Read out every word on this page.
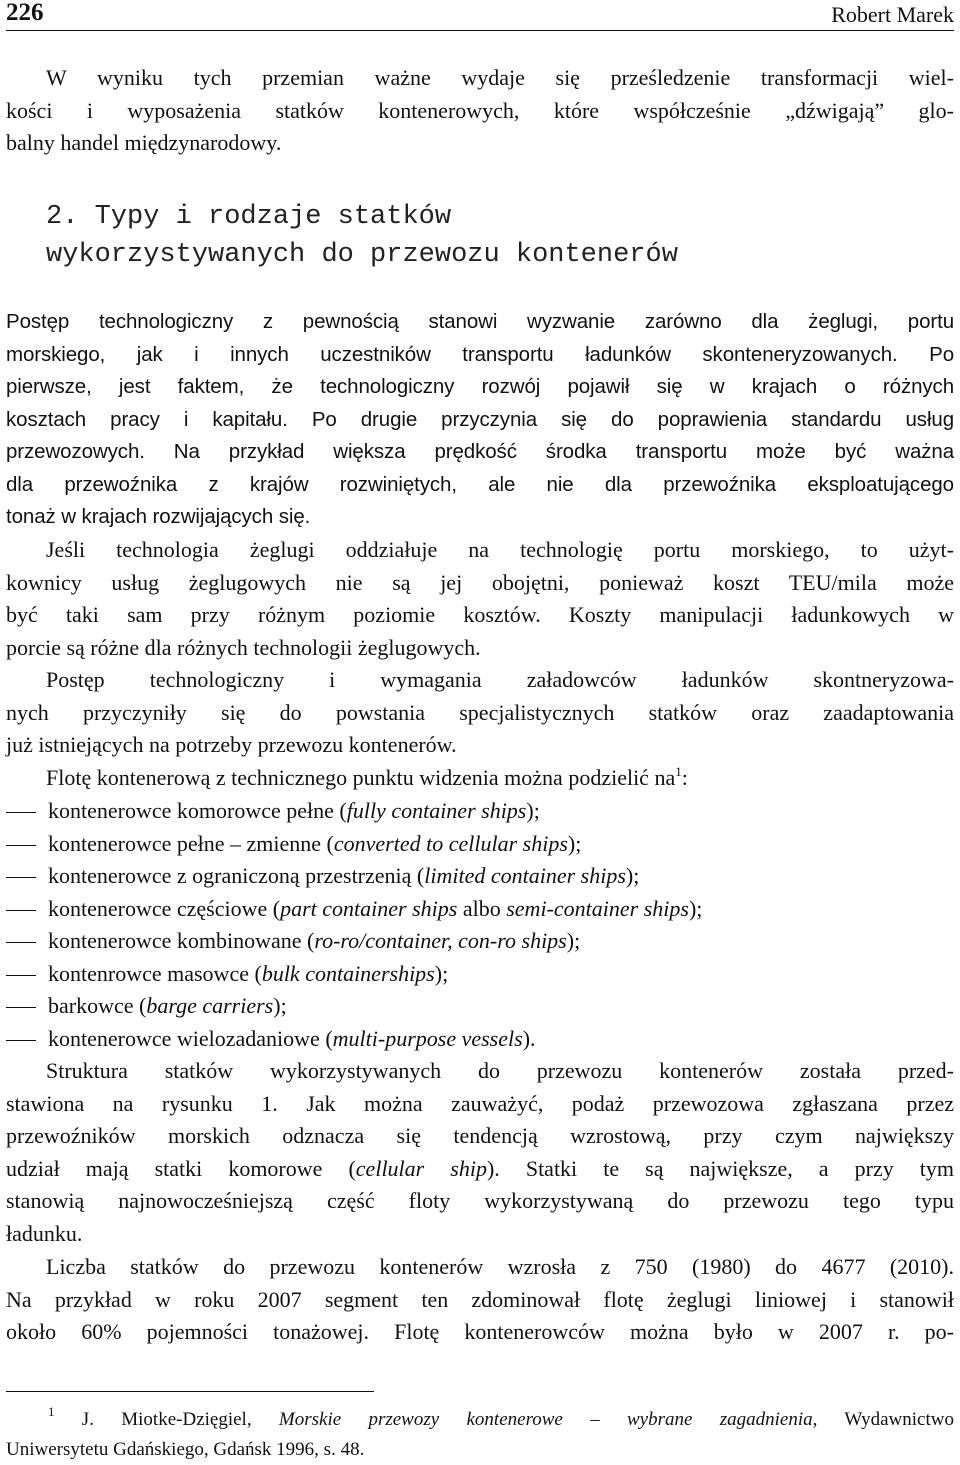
226	Robert Marek
W wyniku tych przemian ważne wydaje się prześledzenie transformacji wiel-
kości i wyposażenia statków kontenerowych, które współcześnie „dźwigają” glo-
balny handel międzynarodowy.
2. Typy i rodzaje statków
wykorzystywanych do przewozu kontenerów
Postęp technologiczny z pewnością stanowi wyzwanie zarówno dla żeglugi, portu
morskiego, jak i innych uczestników transportu ładunków skonteneryzowanych. Po
pierwsze, jest faktem, że technologiczny rozwój pojawił się w krajach o różnych
kosztach pracy i kapitału. Po drugie przyczynia się do poprawienia standardu usług
przewozowych. Na przykład większa prędkość środka transportu może być ważna
dla przewoźnika z krajów rozwiniętych, ale nie dla przewoźnika eksploatującego
tonaż w krajach rozwijających się.
Jeśli technologia żeglugi oddziałuje na technologię portu morskiego, to użyt-
kownicy usług żeglugowych nie są jej obojętni, ponieważ koszt TEU/mila może
być taki sam przy różnym poziomie kosztów. Koszty manipulacji ładunkowych w
porcie są różne dla różnych technologii żeglugowych.
Postęp technologiczny i wymagania załadowców ładunków skontneryzowa-
nych przyczyniły się do powstania specjalistycznych statków oraz zaadaptowania
już istniejących na potrzeby przewozu kontenerów.
Flotę kontenerową z technicznego punktu widzenia można podzielić $na^1$:
kontenerowce komorowce pełne (fully container ships);
kontenerowce pełne – zmienne (converted to cellular ships);
kontenerowce z ograniczoną przestrzenią (limited container ships);
kontenerowce częściowe (part container ships albo semi-container ships);
kontenerowce kombinowane (ro-ro/container, con-ro ships);
kontenrowce masowce (bulk containerships);
barkowce (barge carriers);
kontenerowce wielozadaniowe (multi-purpose vessels).
Struktura statków wykorzystywanych do przewozu kontenerów została przed-
stawiona na rysunku 1. Jak można zauważyć, podaż przewozowa zgłaszana przez
przewoźników morskich odznacza się tendencją wzrostową, przy czym największy
udział mają statki komorowe (cellular ship). Statki te są największe, a przy tym
stanowią najnowocześniejszą część floty wykorzystywaną do przewozu tego typu
ładunku.
Liczba statków do przewozu kontenerów wzrosła z 750 (1980) do 4677 (2010).
Na przykład w roku 2007 segment ten zdominował flotę żeglugi liniowej i stanowił
około 60% pojemności tonażowej. Flotę kontenerowców można było w 2007 r. po-
$^1$ J. Miotke-Dzięgiel, Morskie przewozy kontenerowe – wybrane zagadnienia, Wydawnictwo
Uniwersytetu Gdańskiego, Gdańsk 1996, s. 48.
